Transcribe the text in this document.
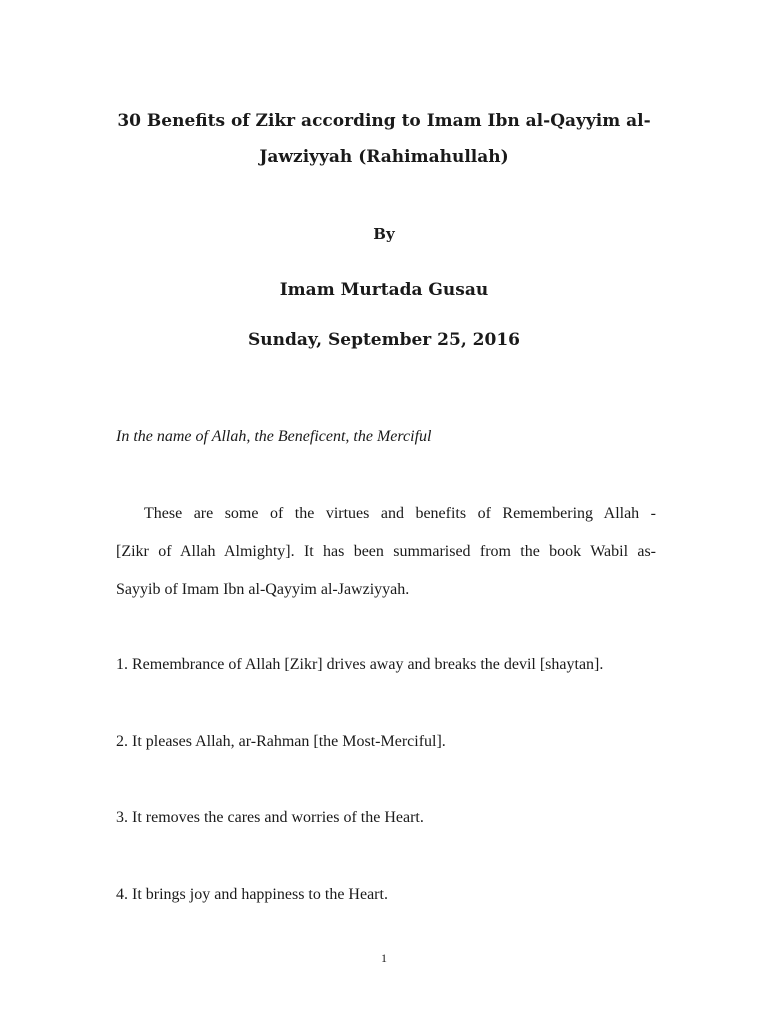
30 Benefits of Zikr according to Imam Ibn al-Qayyim al-
Jawziyyah (Rahimahullah)

By

Imam Murtada Gusau

Sunday, September 25, 2016

In the name of Allah, the Beneficent, the Merciful

These are some of the virtues and benefits of Remembering Allah -

[Zikr of Allah Almighty]. It has been summarised from the book Wabil as-

Sayyib of Imam Ibn al-Qayyim al-Jawziyyah.

1. Remembrance of Allah [Zikr] drives away and breaks the devil [shaytan].

2. It pleases Allah, ar-Rahman [the Most-Merciful].

3. It removes the cares and worries of the Heart.

4. It brings joy and happiness to the Heart.

1
